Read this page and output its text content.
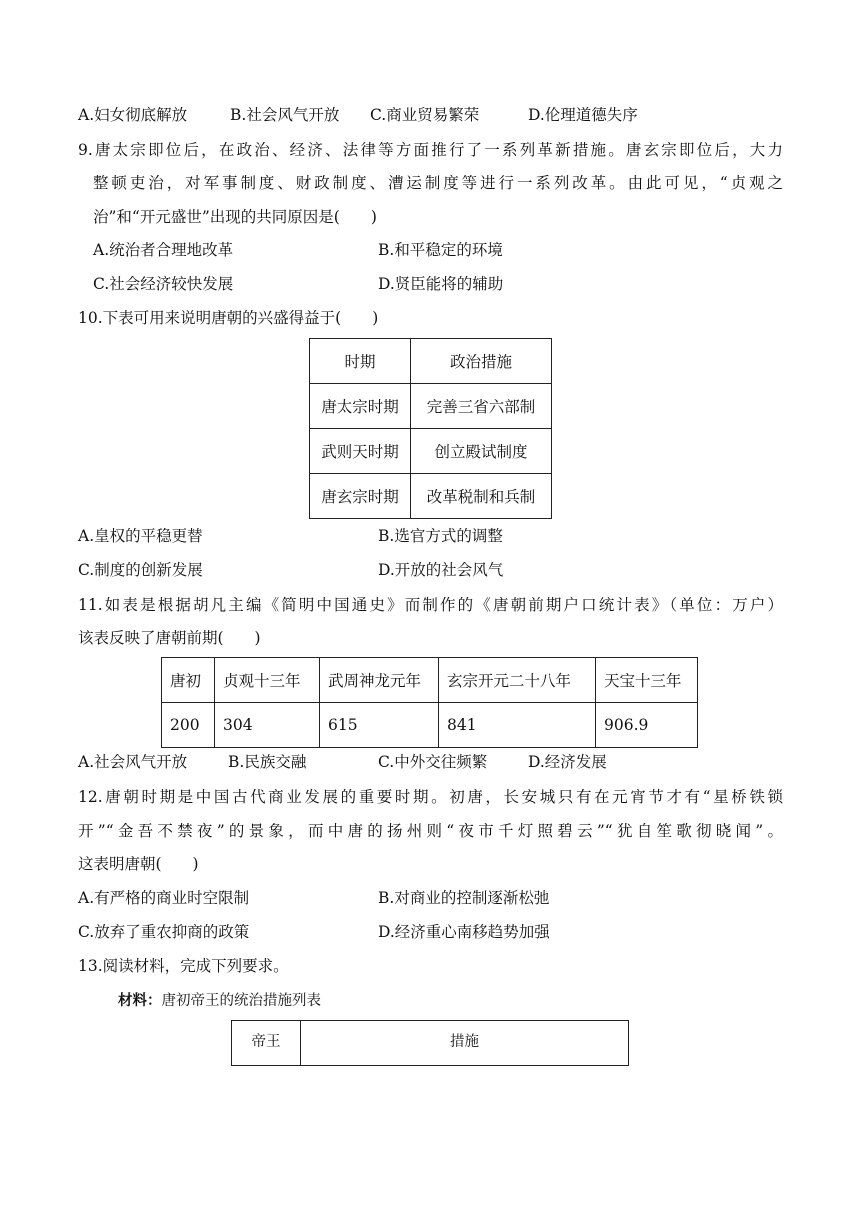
A.妇女彻底解放	B.社会风气开放 C.商业贸易繁荣	D.伦理道德失序
9.唐太宗即位后，在政治、经济、法律等方面推行了一系列革新措施。唐玄宗即位后，大力
整顿吏治，对军事制度、财政制度、漕运制度等进行一系列改革。由此可见，“贞观之
治”和“开元盛世”出现的共同原因是(　　)
A.统治者合理地改革	B.和平稳定的环境
C.社会经济较快发展	D.贤臣能将的辅助
10.下表可用来说明唐朝的兴盛得益于(　　)
时期	政治措施
唐太宗时期	完善三省六部制
武则天时期	创立殿试制度
唐玄宗时期	改革税制和兵制
A.皇权的平稳更替	B.选官方式的调整
C.制度的创新发展	D.开放的社会风气
11.如表是根据胡凡主编《简明中国通史》而制作的《唐朝前期户口统计表》（单位：万户）
该表反映了唐朝前期(　　)
唐初	贞观十三年	武周神龙元年	玄宗开元二十八年	天宝十三年
200	304	615	841	906.9
A.社会风气开放	B.民族交融	C.中外交往频繁	D.经济发展
12.唐朝时期是中国古代商业发展的重要时期。初唐，长安城只有在元宵节才有“星桥铁锁
开”“金吾不禁夜”的景象，而中唐的扬州则“夜市千灯照碧云”“犹自笙歌彻晓闻”。
这表明唐朝(　　)
A.有严格的商业时空限制	B.对商业的控制逐渐松弛
C.放弃了重农抑商的政策	D.经济重心南移趋势加强
13.阅读材料，完成下列要求。
材料：唐初帝王的统治措施列表
帝王	措施
